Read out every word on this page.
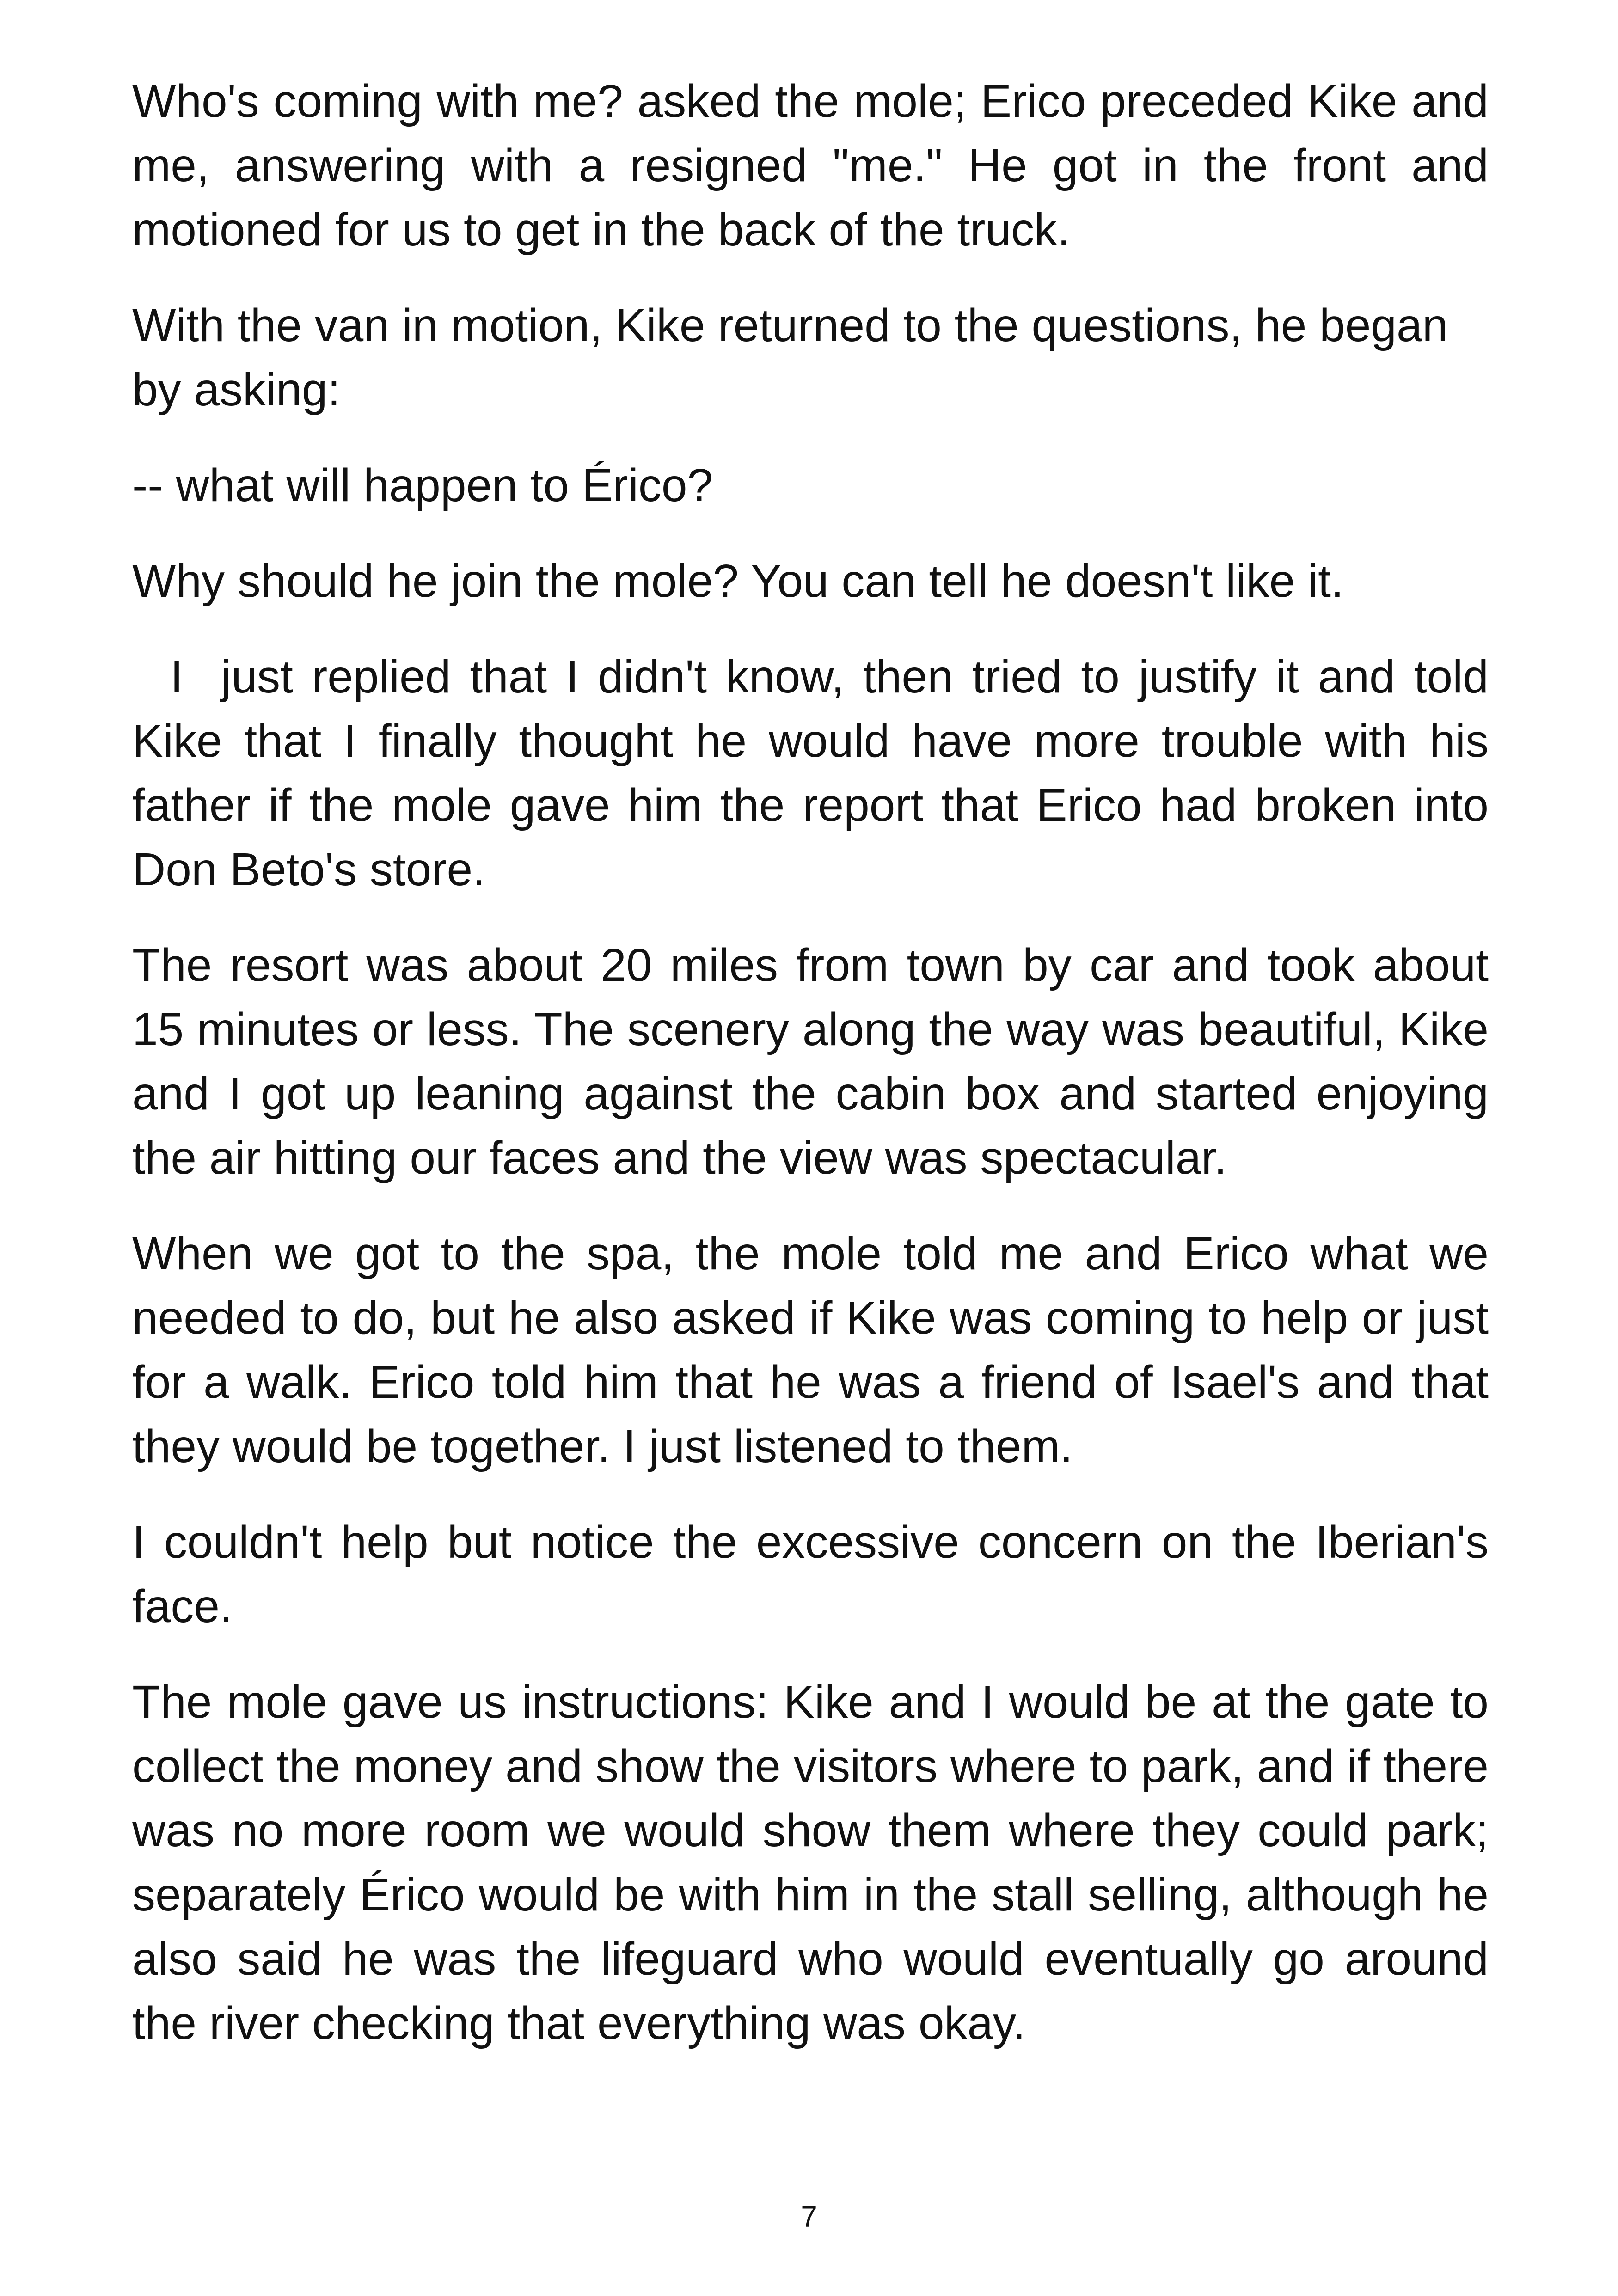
Who's coming with me? asked the mole; Erico preceded Kike and me, answering with a resigned "me." He got in the front and motioned for us to get in the back of the truck.

With the van in motion, Kike returned to the questions, he began by asking:

-- what will happen to Érico?

Why should he join the mole? You can tell he doesn't like it.

I  just replied that I didn't know, then tried to justify it and told Kike that I finally thought he would have more trouble with his father if the mole gave him the report that Erico had broken into Don Beto's store.

The resort was about 20 miles from town by car and took about 15 minutes or less. The scenery along the way was beautiful, Kike and I got up leaning against the cabin box and started enjoying the air hitting our faces and the view was spectacular.

When we got to the spa, the mole told me and Erico what we needed to do, but he also asked if Kike was coming to help or just for a walk. Erico told him that he was a friend of Isael's and that they would be together. I just listened to them.

I couldn't help but notice the excessive concern on the Iberian's face.

The mole gave us instructions: Kike and I would be at the gate to collect the money and show the visitors where to park, and if there was no more room we would show them where they could park; separately Érico would be with him in the stall selling, although he also said he was the lifeguard who would eventually go around the river checking that everything was okay.

7
